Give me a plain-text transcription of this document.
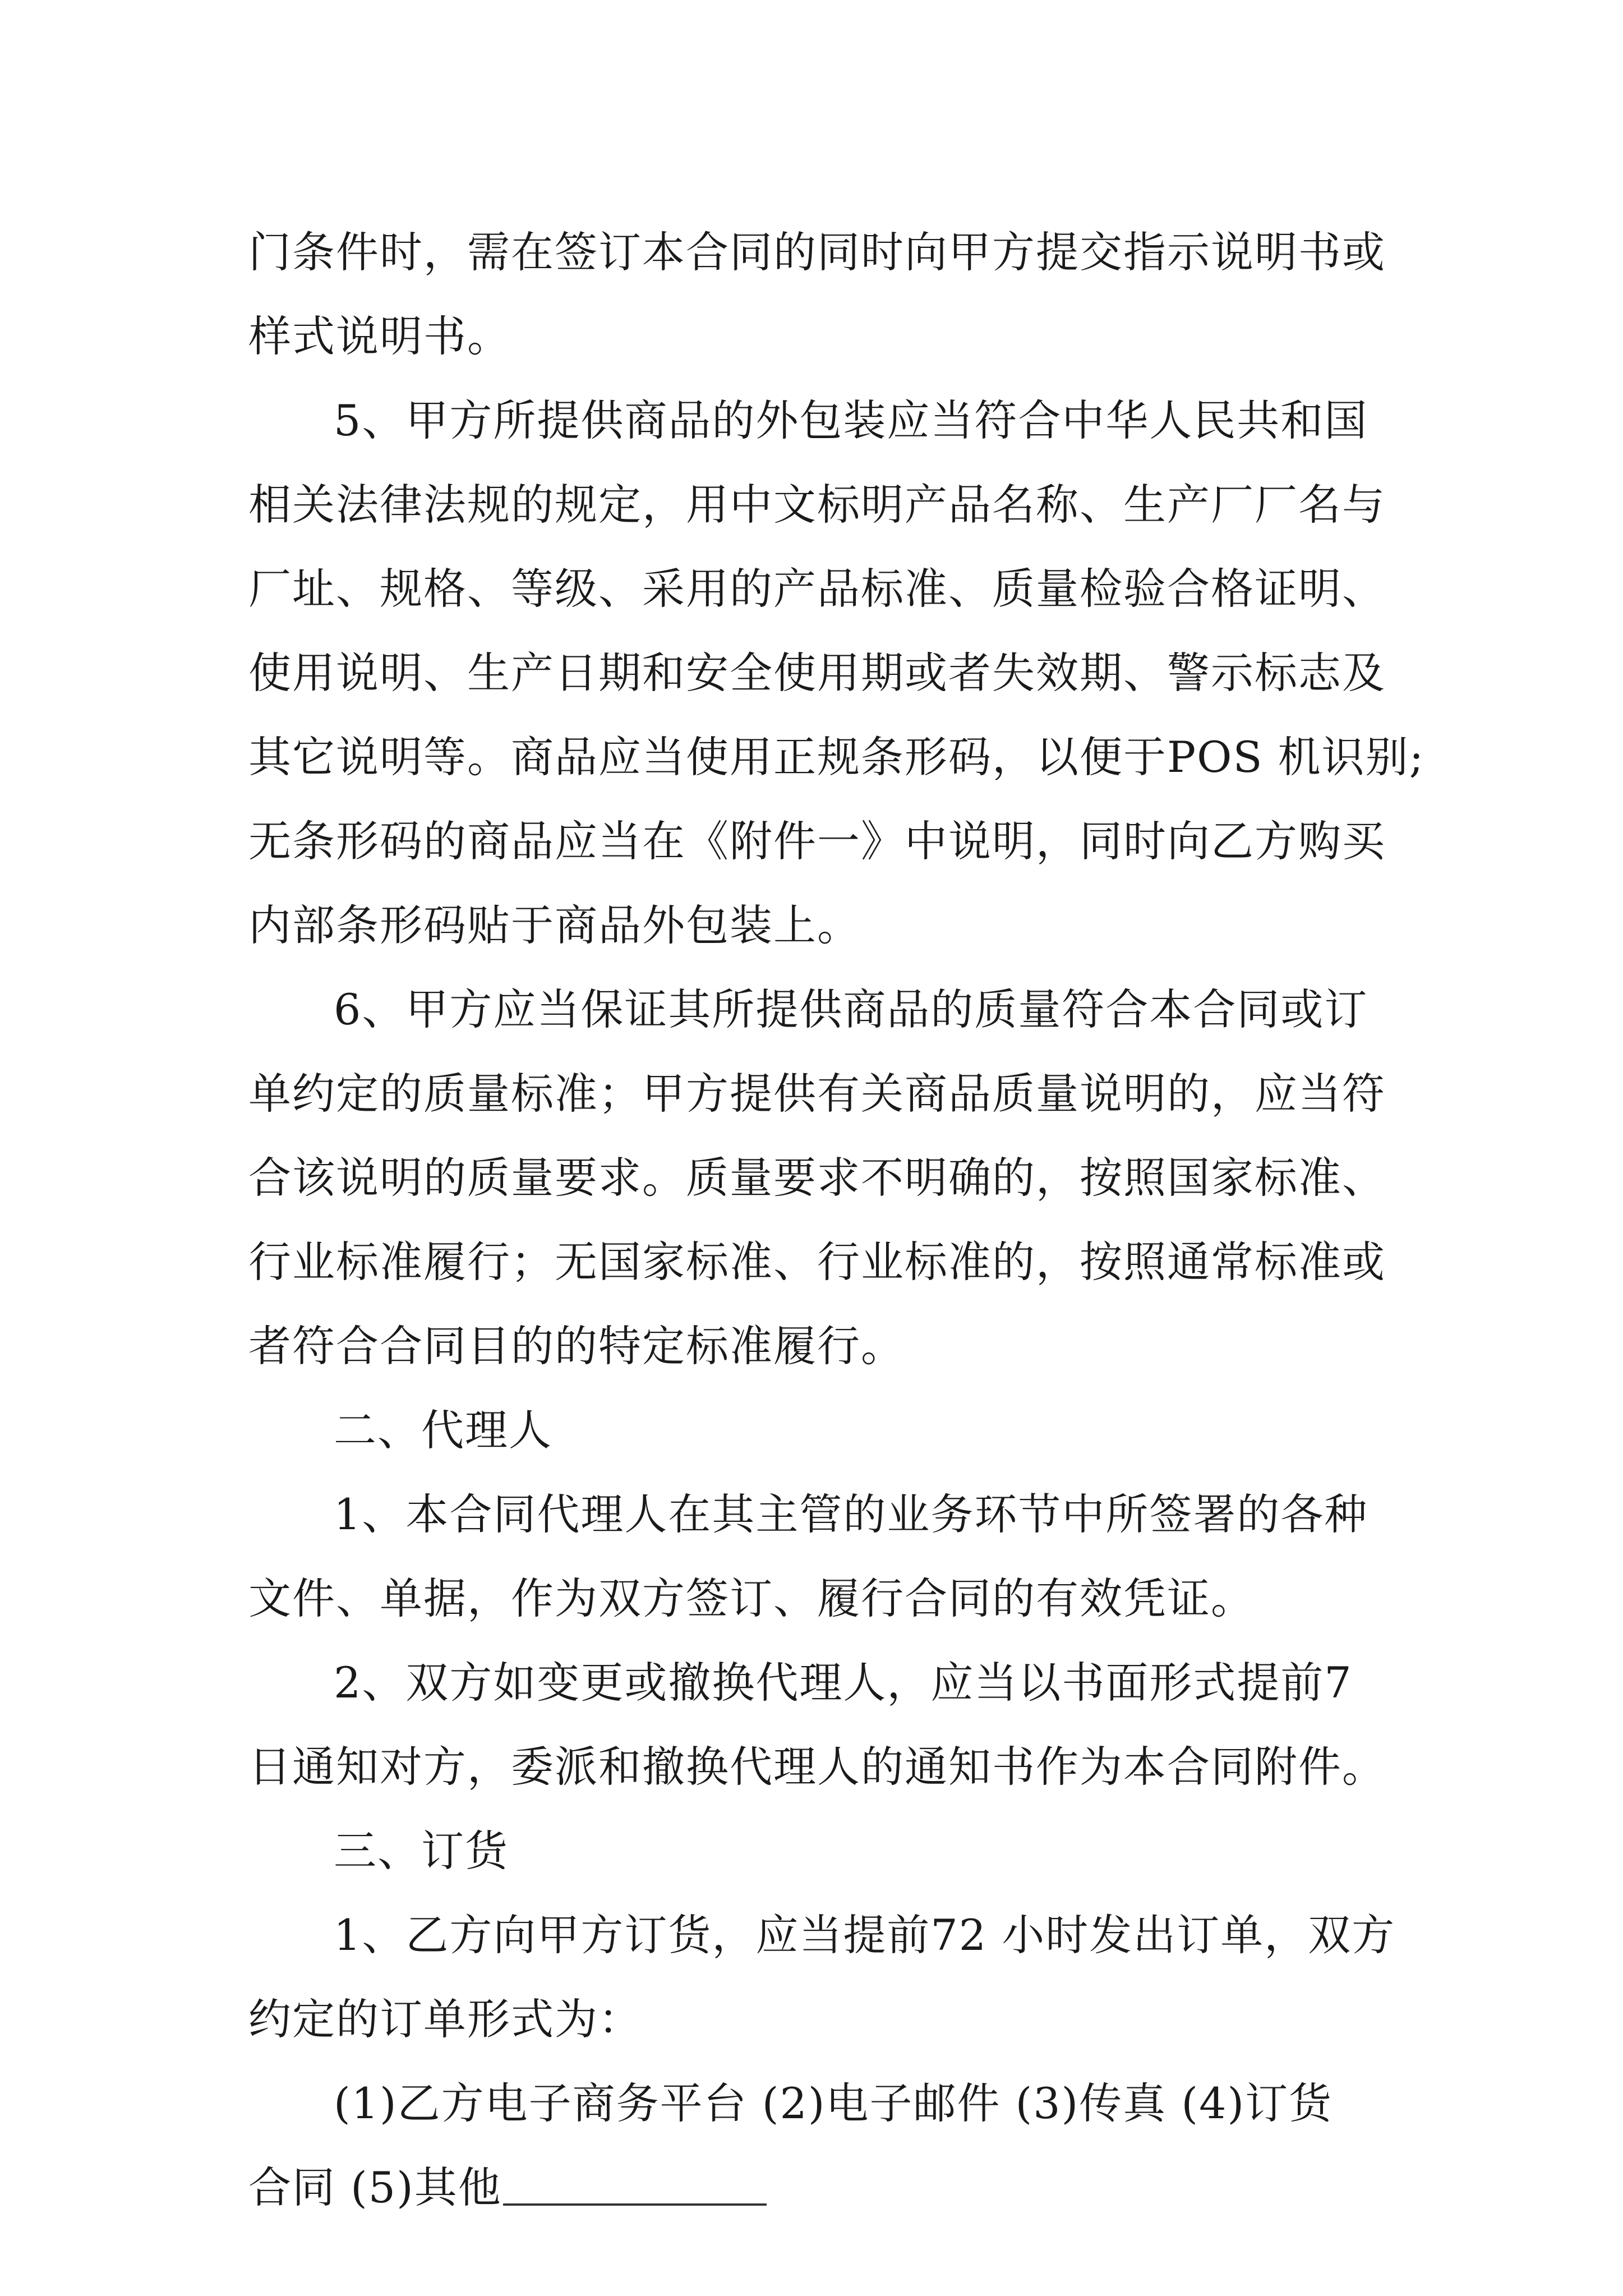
门条件时，需在签订本合同的同时向甲方提交指示说明书或
样式说明书。
5、甲方所提供商品的外包装应当符合中华人民共和国
相关法律法规的规定，用中文标明产品名称、生产厂厂名与
厂址、规格、等级、采用的产品标准、质量检验合格证明、
使用说明、生产日期和安全使用期或者失效期、警示标志及
其它说明等。商品应当使用正规条形码，以便于POS 机识别;
无条形码的商品应当在《附件一》中说明，同时向乙方购买
内部条形码贴于商品外包装上。
6、甲方应当保证其所提供商品的质量符合本合同或订
单约定的质量标准；甲方提供有关商品质量说明的，应当符
合该说明的质量要求。质量要求不明确的，按照国家标准、
行业标准履行；无国家标准、行业标准的，按照通常标准或
者符合合同目的的特定标准履行。
二、代理人
1、本合同代理人在其主管的业务环节中所签署的各种
文件、单据，作为双方签订、履行合同的有效凭证。
2、双方如变更或撤换代理人，应当以书面形式提前7
日通知对方，委派和撤换代理人的通知书作为本合同附件。
三、订货
1、乙方向甲方订货，应当提前72 小时发出订单，双方
约定的订单形式为：
(1)乙方电子商务平台 (2)电子邮件 (3)传真 (4)订货
合同 (5)其他
